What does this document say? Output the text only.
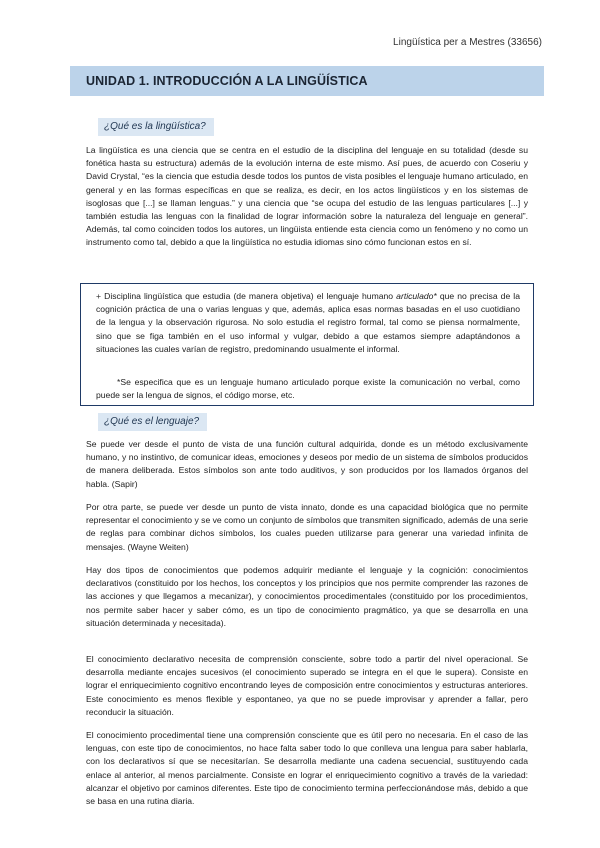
Lingüística per a Mestres (33656)
UNIDAD 1. INTRODUCCIÓN A LA LINGÜÍSTICA
¿Qué es la lingüística?

La lingüística es una ciencia que se centra en el estudio de la disciplina del lenguaje en su totalidad (desde su fonética hasta su estructura) además de la evolución interna de este mismo. Así pues, de acuerdo con Coseriu y David Crystal, “es la ciencia que estudia desde todos los puntos de vista posibles el lenguaje humano articulado, en general y en las formas específicas en que se realiza, es decir, en los actos lingüísticos y en los sistemas de isoglosas que [...] se llaman lenguas.” y una ciencia que “se ocupa del estudio de las lenguas particulares [...] y también estudia las lenguas con la finalidad de lograr información sobre la naturaleza del lenguaje en general”. Además, tal como coinciden todos los autores, un lingüista entiende esta ciencia como un fenómeno y no como un instrumento como tal, debido a que la lingüística no estudia idiomas sino cómo funcionan estos en sí.

+ Disciplina lingüística que estudia (de manera objetiva) el lenguaje humano articulado* que no precisa de la cognición práctica de una o varias lenguas y que, además, aplica esas normas basadas en el uso cuotidiano de la lengua y la observación rigurosa. No solo estudia el registro formal, tal como se piensa normalmente, sino que se figa también en el uso informal y vulgar, debido a que estamos siempre adaptándonos a situaciones las cuales varían de registro, predominando usualmente el informal.

*Se especifica que es un lenguaje humano articulado porque existe la comunicación no verbal, como puede ser la lengua de signos, el código morse, etc.

¿Qué es el lenguaje?

Se puede ver desde el punto de vista de una función cultural adquirida, donde es un método exclusivamente humano, y no instintivo, de comunicar ideas, emociones y deseos por medio de un sistema de símbolos producidos de manera deliberada. Estos símbolos son ante todo auditivos, y son producidos por los llamados órganos del habla. (Sapir)

Por otra parte, se puede ver desde un punto de vista innato, donde es una capacidad biológica que no permite representar el conocimiento y se ve como un conjunto de símbolos que transmiten significado, además de una serie de reglas para combinar dichos símbolos, los cuales pueden utilizarse para generar una variedad infinita de mensajes. (Wayne Weiten)

Hay dos tipos de conocimientos que podemos adquirir mediante el lenguaje y la cognición: conocimientos declarativos (constituido por los hechos, los conceptos y los principios que nos permite comprender las razones de las acciones y que llegamos a mecanizar), y conocimientos procedimentales (constituido por los procedimientos, nos permite saber hacer y saber cómo, es un tipo de conocimiento pragmático, ya que se desarrolla en una situación determinada y necesitada).

El conocimiento declarativo necesita de comprensión consciente, sobre todo a partir del nivel operacional. Se desarrolla mediante encajes sucesivos (el conocimiento superado se integra en el que le supera). Consiste en lograr el enriquecimiento cognitivo encontrando leyes de composición entre conocimientos y estructuras anteriores. Este conocimiento es menos flexible y espontaneo, ya que no se puede improvisar y aprender a fallar, pero reconducir la situación.

El conocimiento procedimental tiene una comprensión consciente que es útil pero no necesaria. En el caso de las lenguas, con este tipo de conocimientos, no hace falta saber todo lo que conlleva una lengua para saber hablarla, con los declarativos sí que se necesitarían. Se desarrolla mediante una cadena secuencial, sustituyendo cada enlace al anterior, al menos parcialmente. Consiste en lograr el enriquecimiento cognitivo a través de la variedad: alcanzar el objetivo por caminos diferentes. Este tipo de conocimiento termina perfeccionándose más, debido a que se basa en una rutina diaria.
